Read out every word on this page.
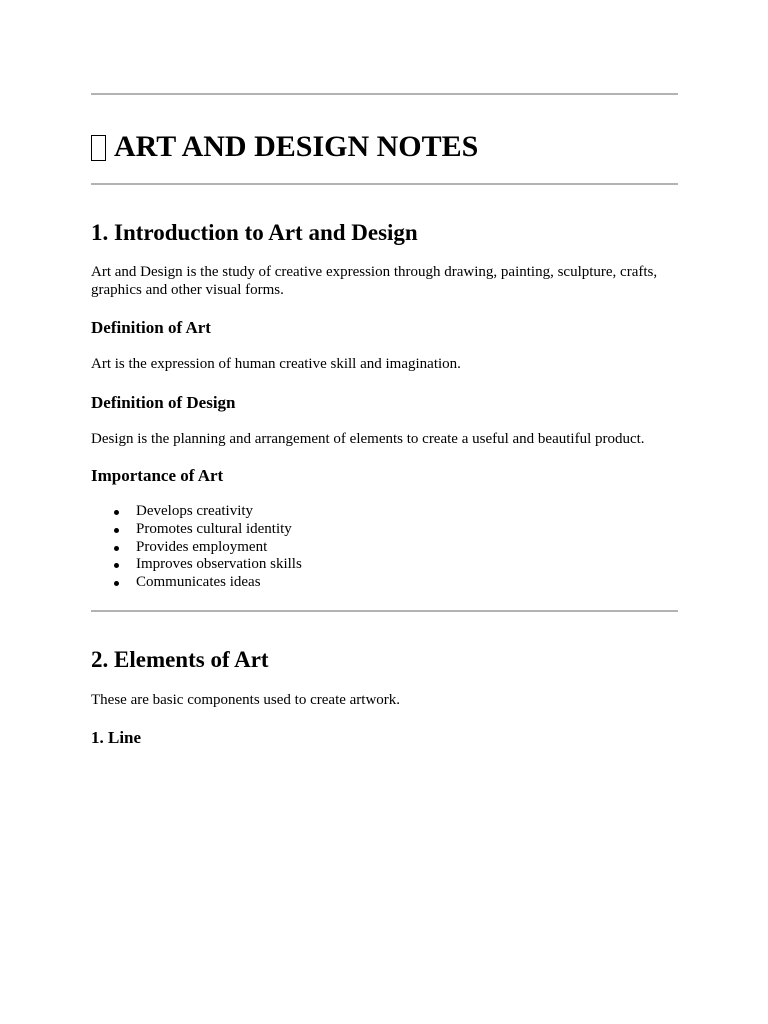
ART AND DESIGN NOTES
1. Introduction to Art and Design

Art and Design is the study of creative expression through drawing, painting, sculpture, crafts, graphics and other visual forms.

Definition of Art

Art is the expression of human creative skill and imagination.

Definition of Design

Design is the planning and arrangement of elements to create a useful and beautiful product.

Importance of Art
Develops creativity
Promotes cultural identity
Provides employment
Improves observation skills
Communicates ideas
2. Elements of Art

These are basic components used to create artwork.

1. Line
